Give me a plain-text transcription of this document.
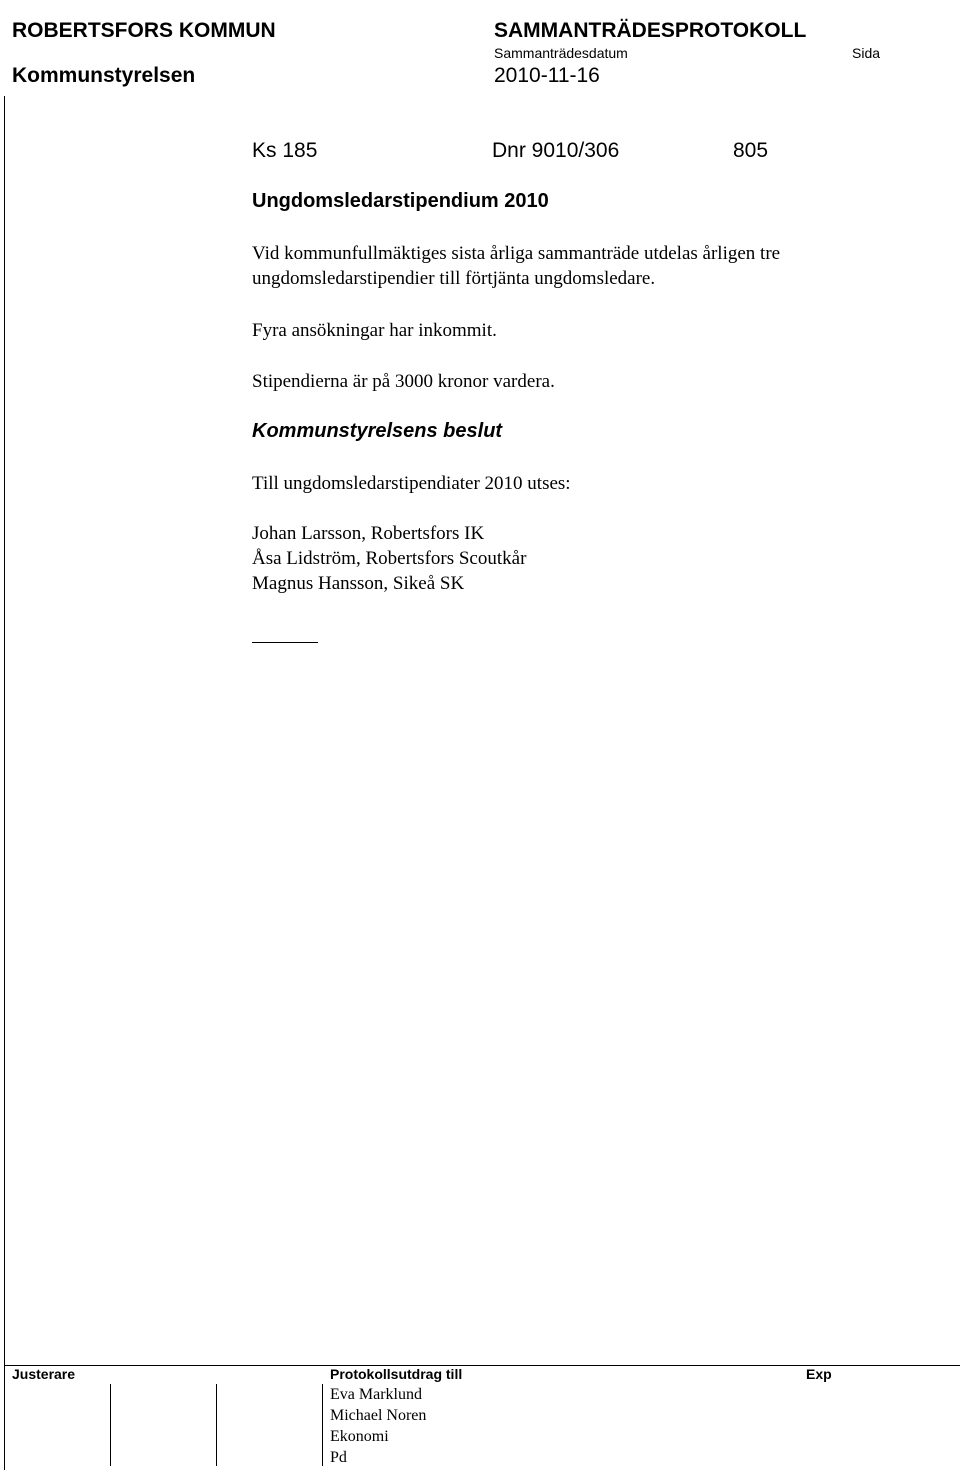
ROBERTSFORS KOMMUN	SAMMANTRÄDESPROTOKOLL
Sammanträdesdatum	Sida
Kommunstyrelsen	2010-11-16
Ks 185	Dnr 9010/306	805
Ungdomsledarstipendium 2010
Vid kommunfullmäktiges sista årliga sammanträde utdelas årligen tre
ungdomsledarstipendier till förtjänta ungdomsledare.
Fyra ansökningar har inkommit.
Stipendierna är på 3000 kronor vardera.
Kommunstyrelsens beslut
Till ungdomsledarstipendiater 2010 utses:
Johan Larsson, Robertsfors IK
Åsa Lidström, Robertsfors Scoutkår
Magnus Hansson, Sikeå SK
Justerare	Protokollsutdrag till	Exp
Eva Marklund
Michael Noren
Ekonomi
Pd
